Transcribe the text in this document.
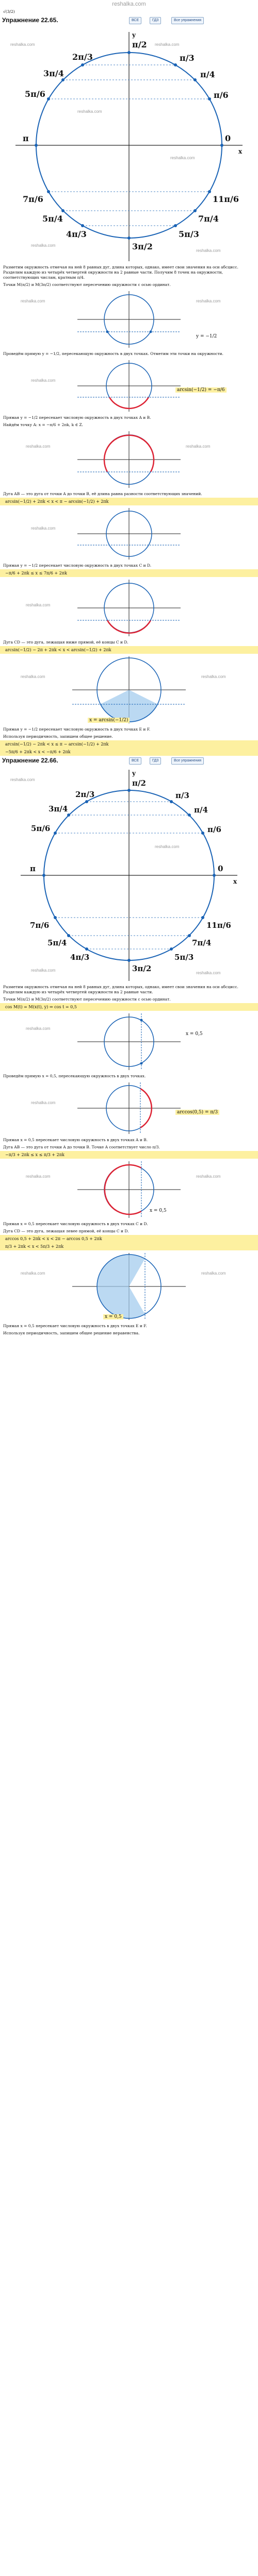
reshalka.com
√(3/2)
Упражнение 22.65.	ВСЕ	ГДЗ	Все упражнения
π/2
π/3
π/4
π/6
2π/3
3π/4
5π/6
π	0
7π/6
5π/4
4π/3
3π/2
5π/3
7π/4
11π/6
x
y
reshalka.com	reshalka.com
reshalka.com
reshalka.com
reshalka.com
reshalka.com
Разметим окружность отмечая на ней 8 равных дуг, длина которых, однако, имеет свои значения на оси абсцисс. Разделим каждую из четырёх четвертей окружности на 2 равные части. Получим 8 точек на окружности, соответствующих числам, кратным π/4.
Точки M(π/2) и M(3π/2) соответствуют пересечению окружности с осью ординат.
y = −1/2
reshalka.com	reshalka.com
Проведём прямую y = −1/2, пересекающую окружность в двух точках. Отметим эти точки на окружности.
arcsin(−1/2) = −π/6
reshalka.com
Прямая y = −1/2 пересекает числовую окружность в двух точках A и B.
Найдём точку A: x = −π/6 + 2πk, k ∈ Z.
reshalka.com	reshalka.com
Дуга AB — это дуга от точки A до точки B, её длина равна разности соответствующих значений.
arcsin(−1/2) + 2πk < x < π − arcsin(−1/2) + 2πk
reshalka.com
Прямая y = −1/2 пересекает числовую окружность в двух точках C и D.
−π/6 + 2πk ≤ x ≤ 7π/6 + 2πk
reshalka.com
Дуга CD — это дуга, лежащая ниже прямой, её концы C и D.
arcsin(−1/2) − 2π + 2πk < x < arcsin(−1/2) + 2πk
x = arcsin(−1/2)
reshalka.com	reshalka.com
Прямая y = −1/2 пересекает числовую окружность в двух точках E и F.
Используя периодичность, запишем общее решение.
arcsin(−1/2) − 2πk < x ≤ π − arcsin(−1/2) + 2πk
−5π/6 + 2πk < x < −π/6 + 2πk
Упражнение 22.66.	ВСЕ	ГДЗ	Все упражнения
π/2
π/3
π/4
π/6
2π/3
3π/4
5π/6
π	0
7π/6
5π/4
4π/3
3π/2
5π/3
7π/4
11π/6
x
y
reshalka.com
reshalka.com
reshalka.com
reshalka.com
Разметим окружность отмечая на ней 8 равных дуг, длина которых, однако, имеет свои значения на оси абсцисс. Разделим каждую из четырёх четвертей окружности на 2 равные части.
Точки M(π/2) и M(3π/2) соответствуют пересечению окружности с осью ординат.
cos M(t) = M(x(t), y) ⇒ cos t = 0,5
x = 0,5
reshalka.com
Проведём прямую x = 0,5, пересекающую окружность в двух точках.
arccos(0,5) = π/3
reshalka.com
Прямая x = 0,5 пересекает числовую окружность в двух точках A и B.
Дуга AB — это дуга от точки A до точки B. Точке A соответствует число π/3.
−π/3 + 2πk ≤ x ≤ π/3 + 2πk
x = 0,5
reshalka.com	reshalka.com
Прямая x = 0,5 пересекает числовую окружность в двух точках C и D.
Дуга CD — это дуга, лежащая левее прямой, её концы C и D.
arccos 0,5 + 2πk < x < 2π − arccos 0,5 + 2πk
π/3 + 2πk < x < 5π/3 + 2πk
x = 0,5
reshalka.com	reshalka.com
Прямая x = 0,5 пересекает числовую окружность в двух точках E и F.
Используя периодичность, запишем общее решение неравенства.
